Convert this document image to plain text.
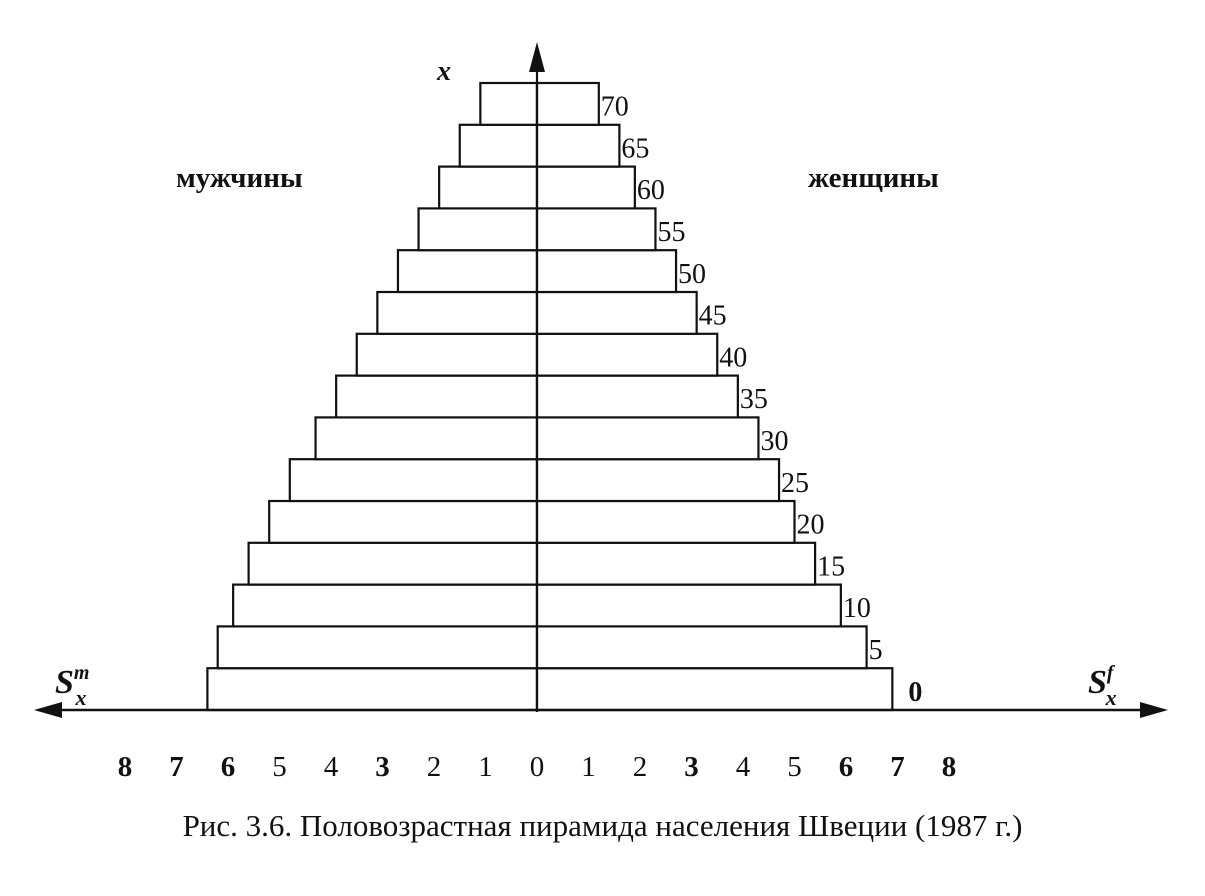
0
5
10
15
20
25
30
35
40
45
50
55
60
65
70
8 7 6 5 4 3 2 1 0 1 2 3 4 5 6 7 8
x
мужчины	женщины
Sm x	Sf x
Рис. 3.6. Половозрастная пирамида населения Швеции (1987 г.)
